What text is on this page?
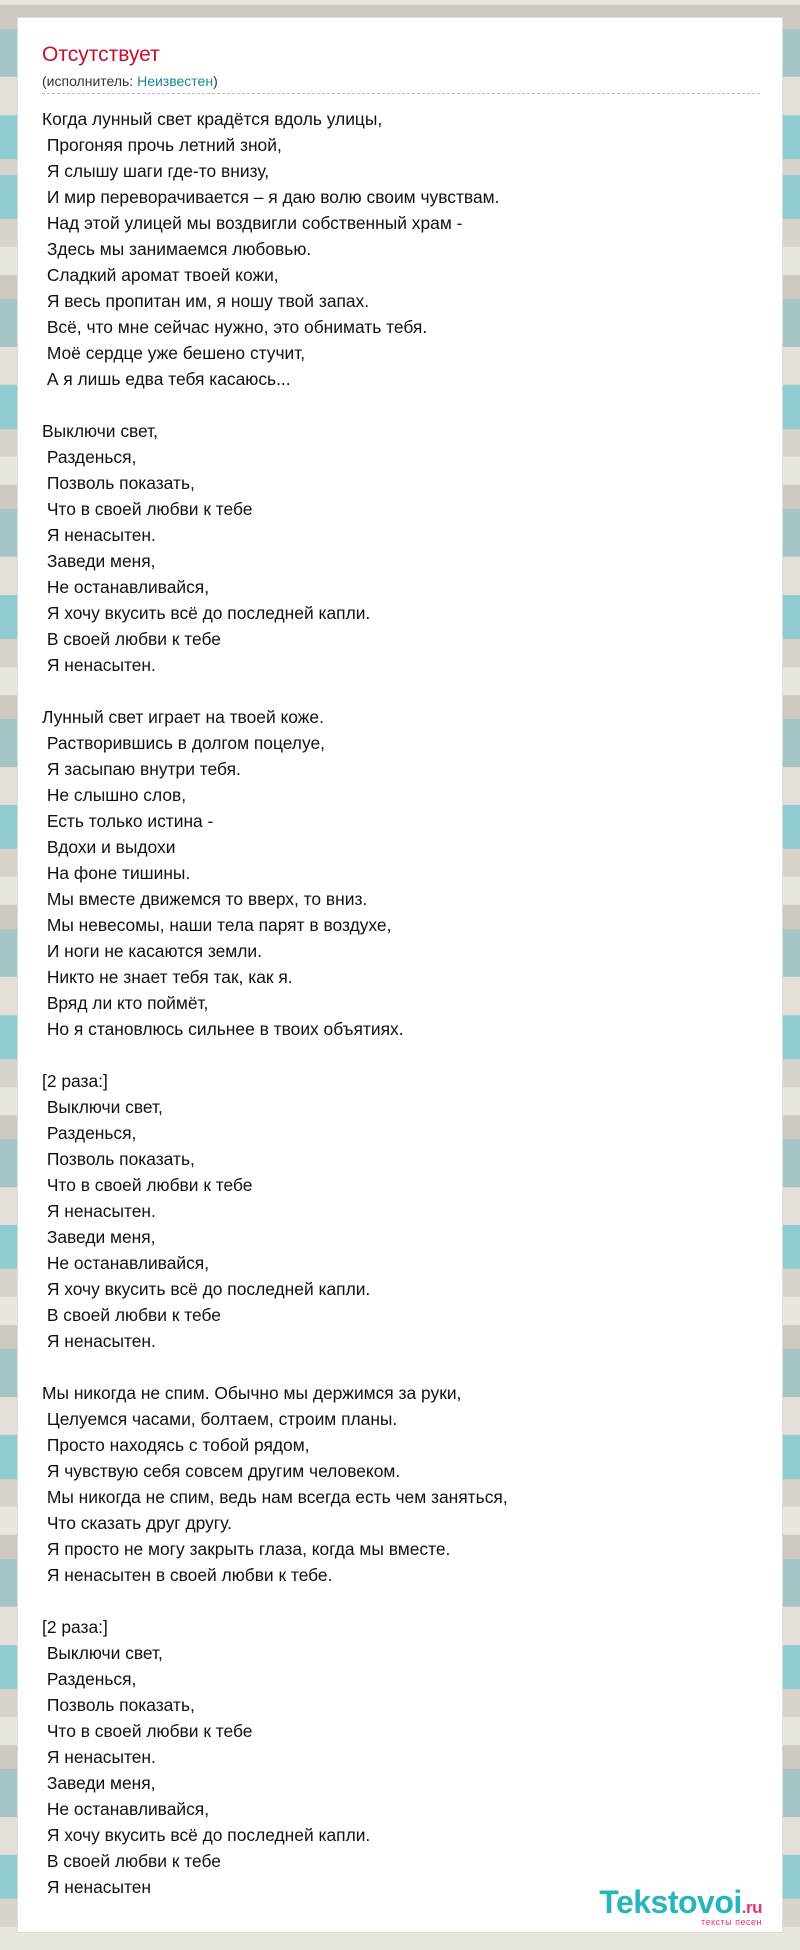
Отсутствует
(исполнитель: Неизвестен)
Когда лунный свет крадётся вдоль улицы,
Прогоняя прочь летний зной,
Я слышу шаги где-то внизу,
И мир переворачивается – я даю волю своим чувствам.
Над этой улицей мы воздвигли собственный храм -
Здесь мы занимаемся любовью.
Сладкий аромат твоей кожи,
Я весь пропитан им, я ношу твой запах.
Всё, что мне сейчас нужно, это обнимать тебя.
Моё сердце уже бешено стучит,
А я лишь едва тебя касаюсь...
Выключи свет,
Разденься,
Позволь показать,
Что в своей любви к тебе
Я ненасытен.
Заведи меня,
Не останавливайся,
Я хочу вкусить всё до последней капли.
В своей любви к тебе
Я ненасытен.
Лунный свет играет на твоей коже.
Растворившись в долгом поцелуе,
Я засыпаю внутри тебя.
Не слышно слов,
Есть только истина -
Вдохи и выдохи
На фоне тишины.
Мы вместе движемся то вверх, то вниз.
Мы невесомы, наши тела парят в воздухе,
И ноги не касаются земли.
Никто не знает тебя так, как я.
Вряд ли кто поймёт,
Но я становлюсь сильнее в твоих объятиях.
[2 раза:]
Выключи свет,
Разденься,
Позволь показать,
Что в своей любви к тебе
Я ненасытен.
Заведи меня,
Не останавливайся,
Я хочу вкусить всё до последней капли.
В своей любви к тебе
Я ненасытен.
Мы никогда не спим. Обычно мы держимся за руки,
Целуемся часами, болтаем, строим планы.
Просто находясь с тобой рядом,
Я чувствую себя совсем другим человеком.
Мы никогда не спим, ведь нам всегда есть чем заняться,
Что сказать друг другу.
Я просто не могу закрыть глаза, когда мы вместе.
Я ненасытен в своей любви к тебе.
[2 раза:]
Выключи свет,
Разденься,
Позволь показать,
Что в своей любви к тебе
Я ненасытен.
Заведи меня,
Не останавливайся,
Я хочу вкусить всё до последней капли.
В своей любви к тебе
Я ненасытен	Tekstovoi.ru
тексты песен
